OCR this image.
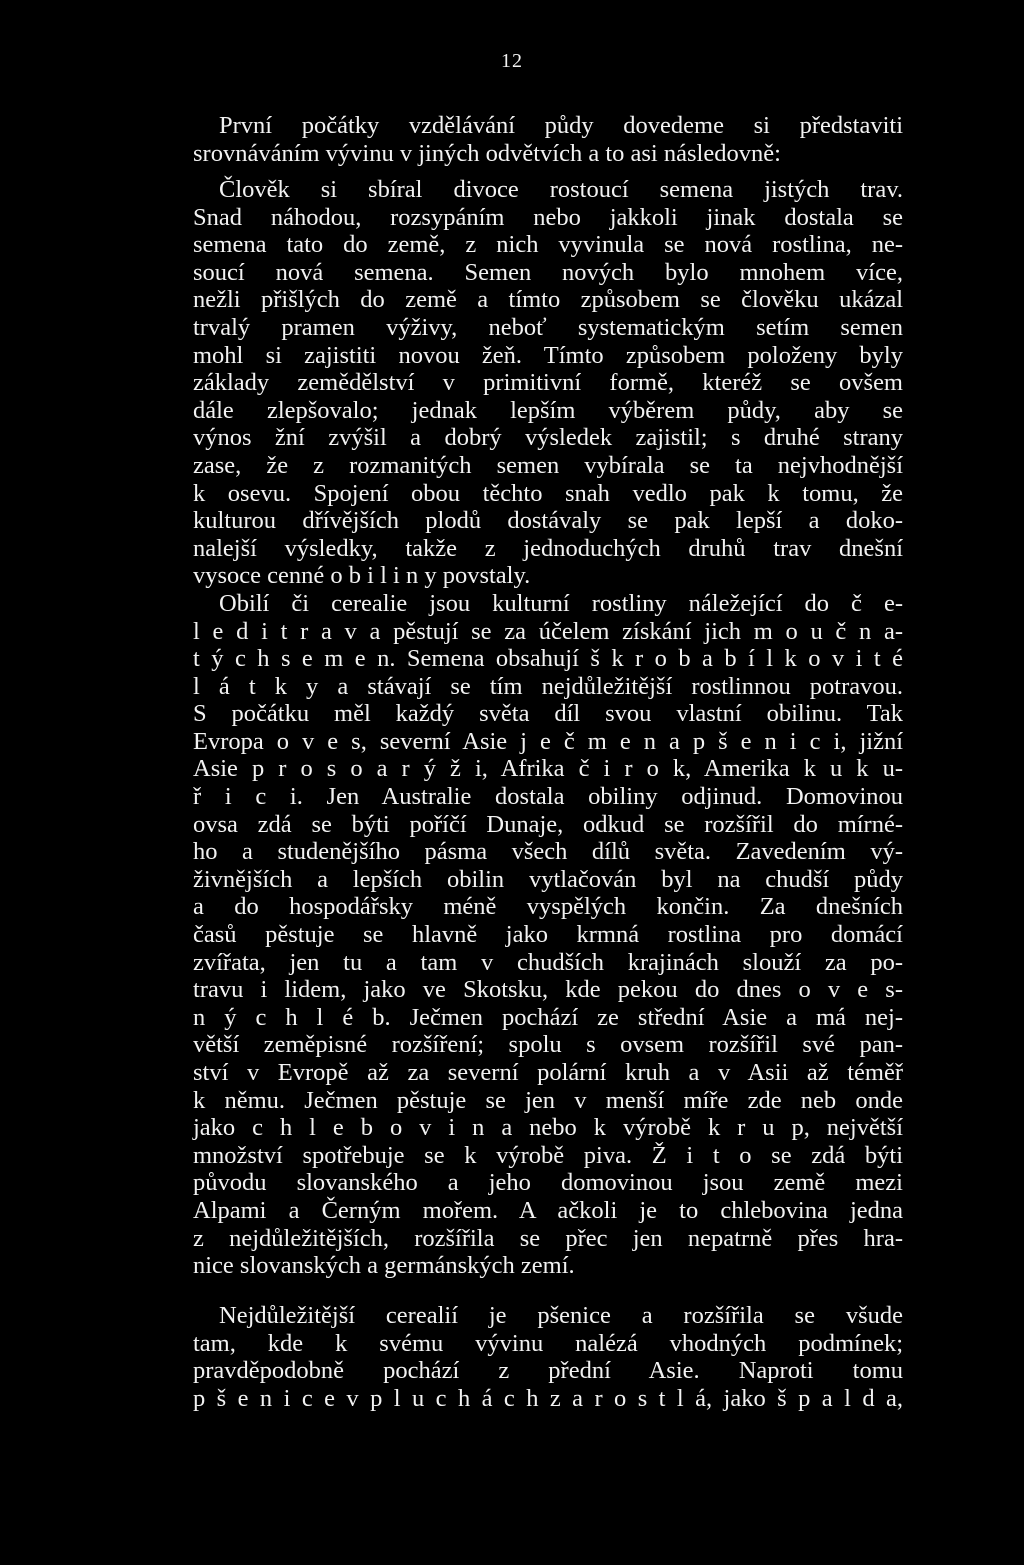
12
První počátky vzdělávání půdy dovedeme si představiti
srovnáváním vývinu v jiných odvětvích a to asi následovně:
Člověk si sbíral divoce rostoucí semena jistých trav.
Snad náhodou, rozsypáním nebo jakkoli jinak dostala se
semena tato do země, z nich vyvinula se nová rostlina, ne-
soucí nová semena. Semen nových bylo mnohem více,
nežli přišlých do země a tímto způsobem se člověku ukázal
trvalý pramen výživy, neboť systematickým setím semen
mohl si zajistiti novou žeň. Tímto způsobem položeny byly
základy zemědělství v primitivní formě, kteréž se ovšem
dále zlepšovalo; jednak lepším výběrem půdy, aby se
výnos žní zvýšil a dobrý výsledek zajistil; s druhé strany
zase, že z rozmanitých semen vybírala se ta nejvhodnější
k osevu. Spojení obou těchto snah vedlo pak k tomu, že
kulturou dřívějších plodů dostávaly se pak lepší a doko-
nalejší výsledky, takže z jednoduchých druhů trav dnešní
vysoce cenné o b i l i n y povstaly.
Obilí či cerealie jsou kulturní rostliny náležející do č e-
l e d i t r a v a pěstují se za účelem získání jich m o u č n a-
t ý c h s e m e n. Semena obsahují š k r o b a b í l k o v i t é
l á t k y a stávají se tím nejdůležitější rostlinnou potravou.
S počátku měl každý světa díl svou vlastní obilinu. Tak
Evropa o v e s, severní Asie j e č m e n a p š e n i c i, jižní
Asie p r o s o a r ý ž i, Afrika č i r o k, Amerika k u k u-
ř i c i. Jen Australie dostala obiliny odjinud. Domovinou
ovsa zdá se býti poříčí Dunaje, odkud se rozšířil do mírné-
ho a studenějšího pásma všech dílů světa. Zavedením vý-
živnějších a lepších obilin vytlačován byl na chudší půdy
a do hospodářsky méně vyspělých končin. Za dnešních
časů pěstuje se hlavně jako krmná rostlina pro domácí
zvířata, jen tu a tam v chudších krajinách slouží za po-
travu i lidem, jako ve Skotsku, kde pekou do dnes o v e s-
n ý c h l é b. Ječmen pochází ze střední Asie a má nej-
větší zeměpisné rozšíření; spolu s ovsem rozšířil své pan-
ství v Evropě až za severní polární kruh a v Asii až téměř
k němu. Ječmen pěstuje se jen v menší míře zde neb onde
jako c h l e b o v i n a nebo k výrobě k r u p, největší
množství spotřebuje se k výrobě piva. Ž i t o se zdá býti
původu slovanského a jeho domovinou jsou země mezi
Alpami a Černým mořem. A ačkoli je to chlebovina jedna
z nejdůležitějších, rozšířila se přec jen nepatrně přes hra-
nice slovanských a germánských zemí.
Nejdůležitější cerealií je pšenice a rozšířila se všude
tam, kde k svému vývinu nalézá vhodných podmínek;
pravděpodobně pochází z přední Asie. Naproti tomu
p š e n i c e v p l u c h á c h z a r o s t l á, jako š p a l d a,
